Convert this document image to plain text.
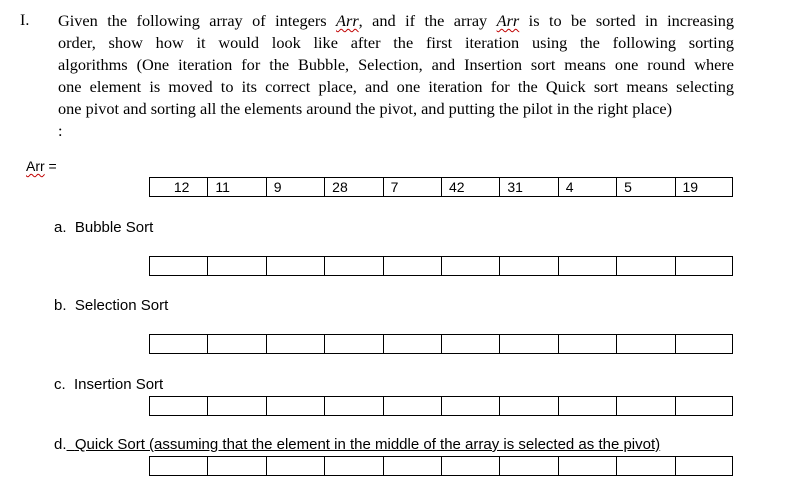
I. Given the following array of integers Arr, and if the array Arr is to be sorted in increasing
order, show how it would look like after the first iteration using the following sorting
algorithms (One iteration for the Bubble, Selection, and Insertion sort means one round where
one element is moved to its correct place, and one iteration for the Quick sort means selecting
one pivot and sorting all the elements around the pivot, and putting the pilot in the right place)
:
Arr =
12	11	9	28	7	42	31	4	5	19
a. Bubble Sort
b. Selection Sort
c. Insertion Sort
d. Quick Sort (assuming that the element in the middle of the array is selected as the pivot)
